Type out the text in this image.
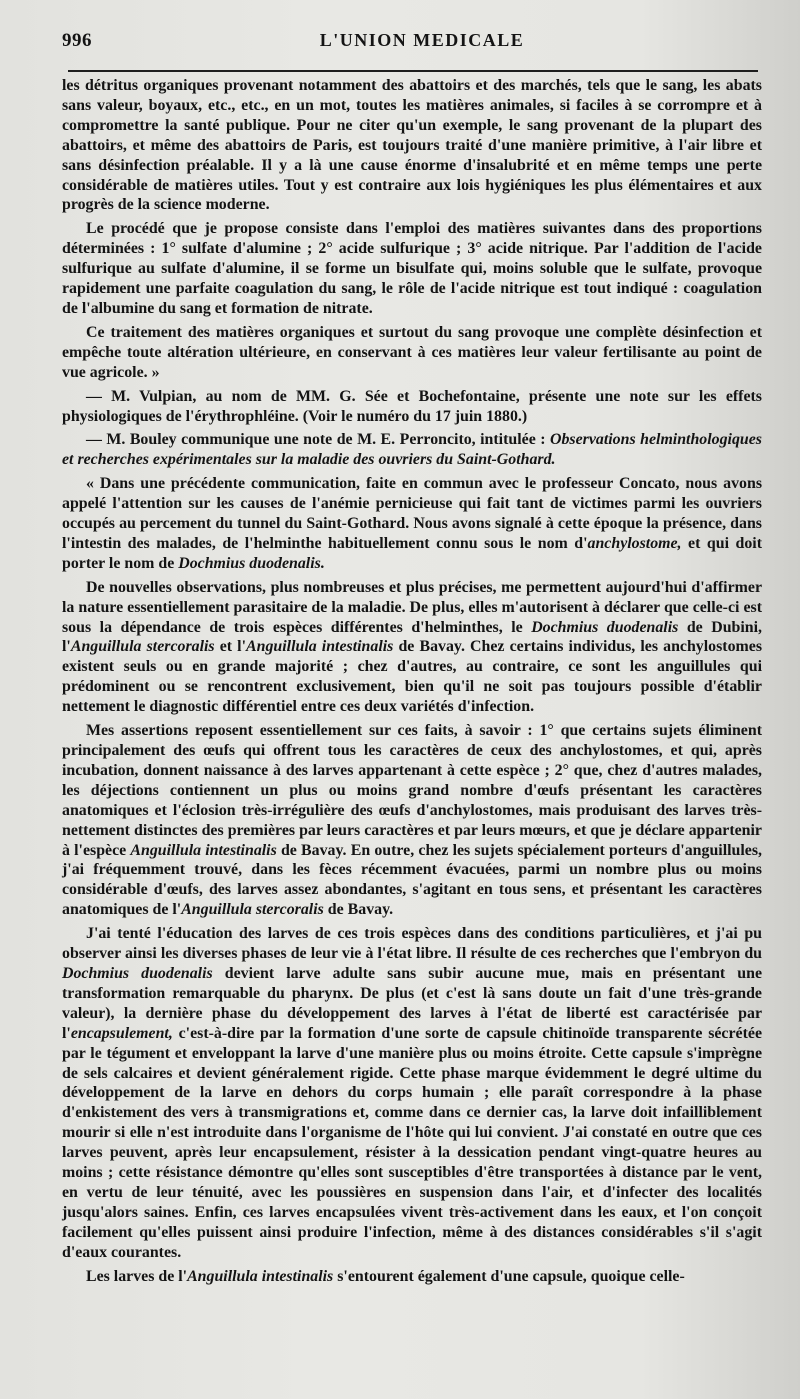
996	L'UNION MEDICALE

les détritus organiques provenant notamment des abattoirs et des marchés, tels que le sang, les abats sans valeur, boyaux, etc., etc., en un mot, toutes les matières animales, si faciles à se corrompre et à compromettre la santé publique. Pour ne citer qu'un exemple, le sang provenant de la plupart des abattoirs, et même des abattoirs de Paris, est toujours traité d'une manière primitive, à l'air libre et sans désinfection préalable. Il y a là une cause énorme d'insalubrité et en même temps une perte considérable de matières utiles. Tout y est contraire aux lois hygiéniques les plus élémentaires et aux progrès de la science moderne.

Le procédé que je propose consiste dans l'emploi des matières suivantes dans des proportions déterminées : 1° sulfate d'alumine ; 2° acide sulfurique ; 3° acide nitrique. Par l'addition de l'acide sulfurique au sulfate d'alumine, il se forme un bisulfate qui, moins soluble que le sulfate, provoque rapidement une parfaite coagulation du sang, le rôle de l'acide nitrique est tout indiqué : coagulation de l'albumine du sang et formation de nitrate.

Ce traitement des matières organiques et surtout du sang provoque une complète désinfection et empêche toute altération ultérieure, en conservant à ces matières leur valeur fertilisante au point de vue agricole. »

— M. Vulpian, au nom de MM. G. Sée et Bochefontaine, présente une note sur les effets physiologiques de l'érythrophléine. (Voir le numéro du 17 juin 1880.)

— M. Bouley communique une note de M. E. Perroncito, intitulée : Observations helminthologiques et recherches expérimentales sur la maladie des ouvriers du Saint-Gothard.

« Dans une précédente communication, faite en commun avec le professeur Concato, nous avons appelé l'attention sur les causes de l'anémie pernicieuse qui fait tant de victimes parmi les ouvriers occupés au percement du tunnel du Saint-Gothard. Nous avons signalé à cette époque la présence, dans l'intestin des malades, de l'helminthe habituellement connu sous le nom d'anchylostome, et qui doit porter le nom de Dochmius duodenalis.

De nouvelles observations, plus nombreuses et plus précises, me permettent aujourd'hui d'affirmer la nature essentiellement parasitaire de la maladie. De plus, elles m'autorisent à déclarer que celle-ci est sous la dépendance de trois espèces différentes d'helminthes, le Dochmius duodenalis de Dubini, l'Anguillula stercoralis et l'Anguillula intestinalis de Bavay. Chez certains individus, les anchylostomes existent seuls ou en grande majorité ; chez d'autres, au contraire, ce sont les anguillules qui prédominent ou se rencontrent exclusivement, bien qu'il ne soit pas toujours possible d'établir nettement le diagnostic différentiel entre ces deux variétés d'infection.

Mes assertions reposent essentiellement sur ces faits, à savoir : 1° que certains sujets éliminent principalement des œufs qui offrent tous les caractères de ceux des anchylostomes, et qui, après incubation, donnent naissance à des larves appartenant à cette espèce ; 2° que, chez d'autres malades, les déjections contiennent un plus ou moins grand nombre d'œufs présentant les caractères anatomiques et l'éclosion très-irrégulière des œufs d'anchylostomes, mais produisant des larves très-nettement distinctes des premières par leurs caractères et par leurs mœurs, et que je déclare appartenir à l'espèce Anguillula intestinalis de Bavay. En outre, chez les sujets spécialement porteurs d'anguillules, j'ai fréquemment trouvé, dans les fèces récemment évacuées, parmi un nombre plus ou moins considérable d'œufs, des larves assez abondantes, s'agitant en tous sens, et présentant les caractères anatomiques de l'Anguillula stercoralis de Bavay.

J'ai tenté l'éducation des larves de ces trois espèces dans des conditions particulières, et j'ai pu observer ainsi les diverses phases de leur vie à l'état libre. Il résulte de ces recherches que l'embryon du Dochmius duodenalis devient larve adulte sans subir aucune mue, mais en présentant une transformation remarquable du pharynx. De plus (et c'est là sans doute un fait d'une très-grande valeur), la dernière phase du développement des larves à l'état de liberté est caractérisée par l'encapsulement, c'est-à-dire par la formation d'une sorte de capsule chitinoïde transparente sécrétée par le tégument et enveloppant la larve d'une manière plus ou moins étroite. Cette capsule s'imprègne de sels calcaires et devient généralement rigide. Cette phase marque évidemment le degré ultime du développement de la larve en dehors du corps humain ; elle paraît correspondre à la phase d'enkistement des vers à transmigrations et, comme dans ce dernier cas, la larve doit infailliblement mourir si elle n'est introduite dans l'organisme de l'hôte qui lui convient. J'ai constaté en outre que ces larves peuvent, après leur encapsulement, résister à la dessication pendant vingt-quatre heures au moins ; cette résistance démontre qu'elles sont susceptibles d'être transportées à distance par le vent, en vertu de leur ténuité, avec les poussières en suspension dans l'air, et d'infecter des localités jusqu'alors saines. Enfin, ces larves encapsulées vivent très-activement dans les eaux, et l'on conçoit facilement qu'elles puissent ainsi produire l'infection, même à des distances considérables s'il s'agit d'eaux courantes.

Les larves de l'Anguillula intestinalis s'entourent également d'une capsule, quoique celle-
